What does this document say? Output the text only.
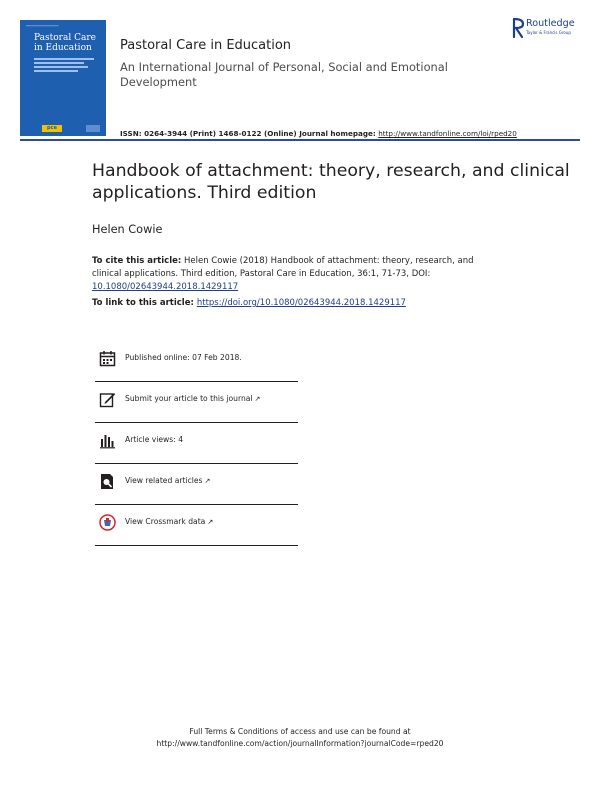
━━━━━━━━━━━━━━━━━━
Pastoral Care in Education
pce
Pastoral Care in Education
An International Journal of Personal, Social and Emotional Development
Routledge
Taylor & Francis Group
ISSN: 0264-3944 (Print) 1468-0122 (Online) Journal homepage: http://www.tandfonline.com/loi/rped20
Handbook of attachment: theory, research, and clinical applications. Third edition
Helen Cowie
To cite this article: Helen Cowie (2018) Handbook of attachment: theory, research, and clinical applications. Third edition, Pastoral Care in Education, 36:1, 71-73, DOI: 10.1080/02643944.2018.1429117
To link to this article: https://doi.org/10.1080/02643944.2018.1429117
Published online: 07 Feb 2018.
Submit your article to this journal ↗
Article views: 4
View related articles ↗
View Crossmark data ↗
Full Terms & Conditions of access and use can be found at
http://www.tandfonline.com/action/journalInformation?journalCode=rped20
